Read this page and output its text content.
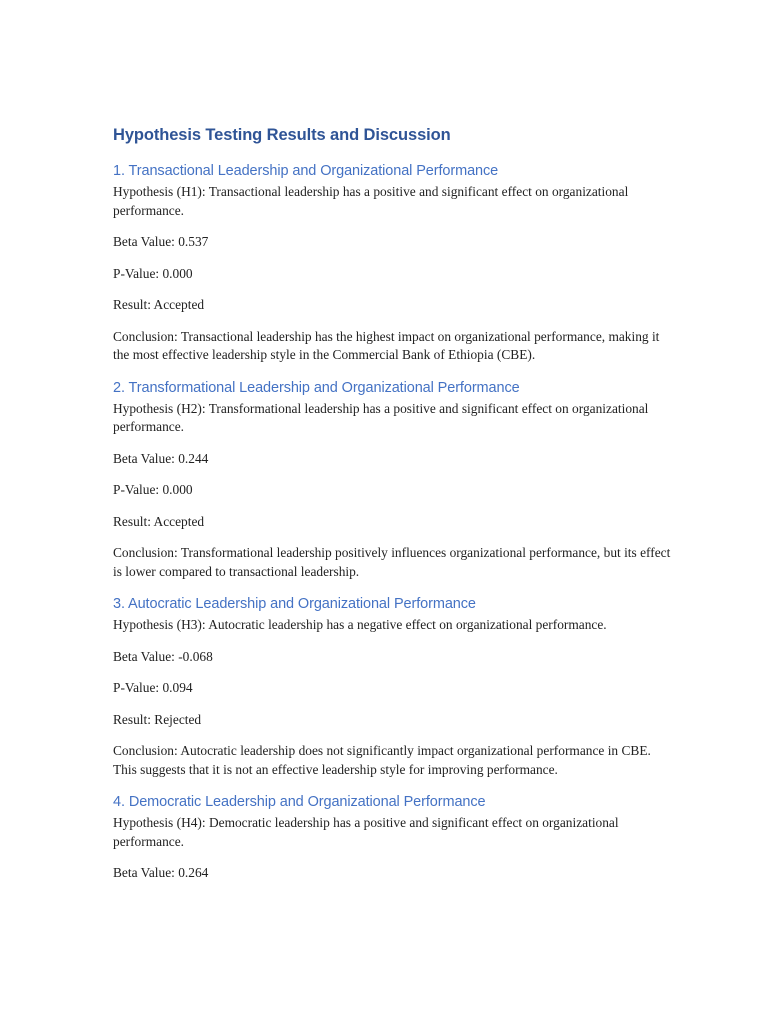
Hypothesis Testing Results and Discussion
1. Transactional Leadership and Organizational Performance

Hypothesis (H1): Transactional leadership has a positive and significant effect on organizational performance.

Beta Value: 0.537

P-Value: 0.000

Result: Accepted

Conclusion: Transactional leadership has the highest impact on organizational performance, making it the most effective leadership style in the Commercial Bank of Ethiopia (CBE).

2. Transformational Leadership and Organizational Performance

Hypothesis (H2): Transformational leadership has a positive and significant effect on organizational performance.

Beta Value: 0.244

P-Value: 0.000

Result: Accepted

Conclusion: Transformational leadership positively influences organizational performance, but its effect is lower compared to transactional leadership.

3. Autocratic Leadership and Organizational Performance

Hypothesis (H3): Autocratic leadership has a negative effect on organizational performance.

Beta Value: -0.068

P-Value: 0.094

Result: Rejected

Conclusion: Autocratic leadership does not significantly impact organizational performance in CBE. This suggests that it is not an effective leadership style for improving performance.

4. Democratic Leadership and Organizational Performance

Hypothesis (H4): Democratic leadership has a positive and significant effect on organizational performance.

Beta Value: 0.264
